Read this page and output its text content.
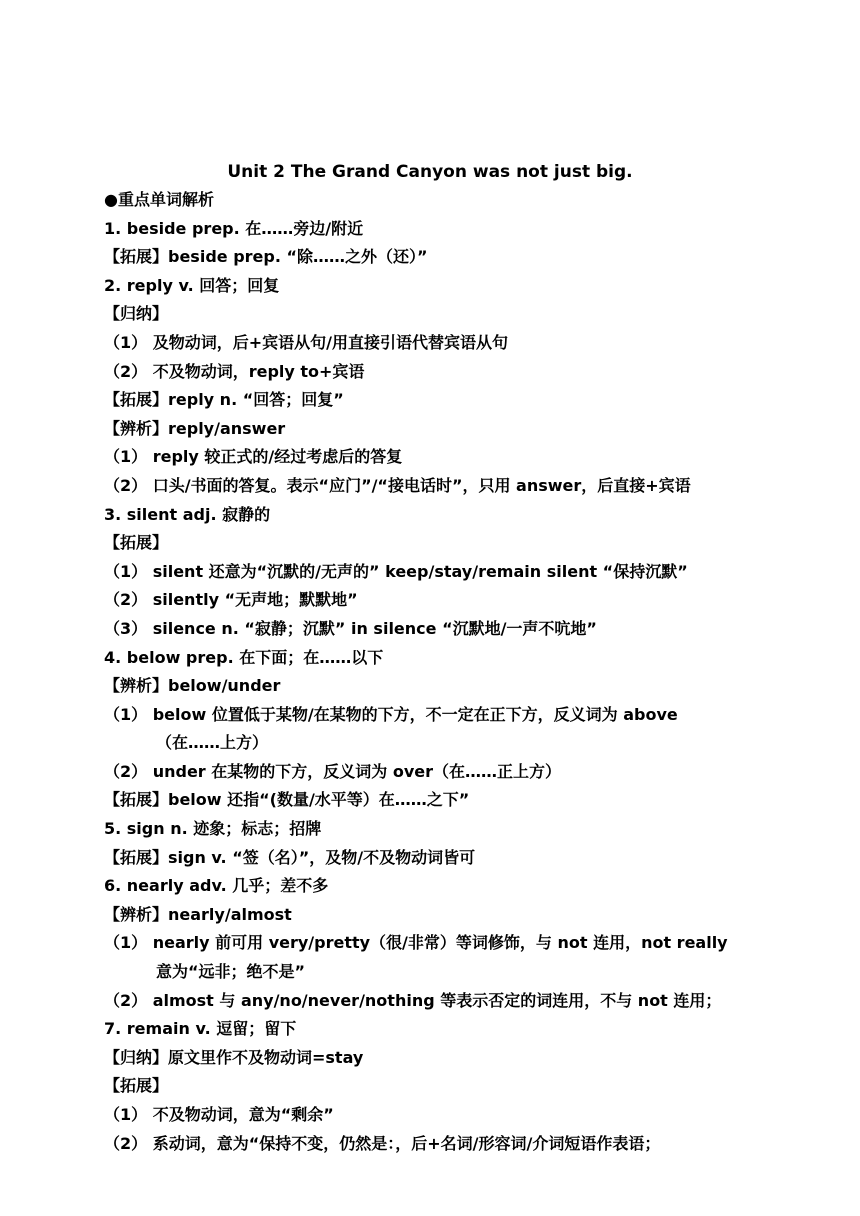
Unit 2 The Grand Canyon was not just big.
●重点单词解析
1. beside prep. 在……旁边/附近
【拓展】beside prep. “除……之外（还）”
2. reply v. 回答；回复
【归纳】
（1） 及物动词，后+宾语从句/用直接引语代替宾语从句
（2） 不及物动词，reply to+宾语
【拓展】reply n. “回答；回复”
【辨析】reply/answer
（1） reply 较正式的/经过考虑后的答复
（2） 口头/书面的答复。表示“应门”/“接电话时”，只用 answer，后直接+宾语
3. silent adj. 寂静的
【拓展】
（1） silent 还意为“沉默的/无声的” keep/stay/remain silent “保持沉默”
（2） silently “无声地；默默地”
（3） silence n. “寂静；沉默” in silence “沉默地/一声不吭地”
4. below prep. 在下面；在……以下
【辨析】below/under
（1） below 位置低于某物/在某物的下方，不一定在正下方，反义词为 above
（在……上方）
（2） under 在某物的下方，反义词为 over（在……正上方）
【拓展】below 还指“(数量/水平等）在……之下”
5. sign n. 迹象；标志；招牌
【拓展】sign v. “签（名）”，及物/不及物动词皆可
6. nearly adv. 几乎；差不多
【辨析】nearly/almost
（1） nearly 前可用 very/pretty（很/非常）等词修饰，与 not 连用，not really
意为“远非；绝不是”
（2） almost 与 any/no/never/nothing 等表示否定的词连用，不与 not 连用；
7. remain v. 逗留；留下
【归纳】原文里作不及物动词=stay
【拓展】
（1） 不及物动词，意为“剩余”
（2） 系动词，意为“保持不变，仍然是：，后+名词/形容词/介词短语作表语；
